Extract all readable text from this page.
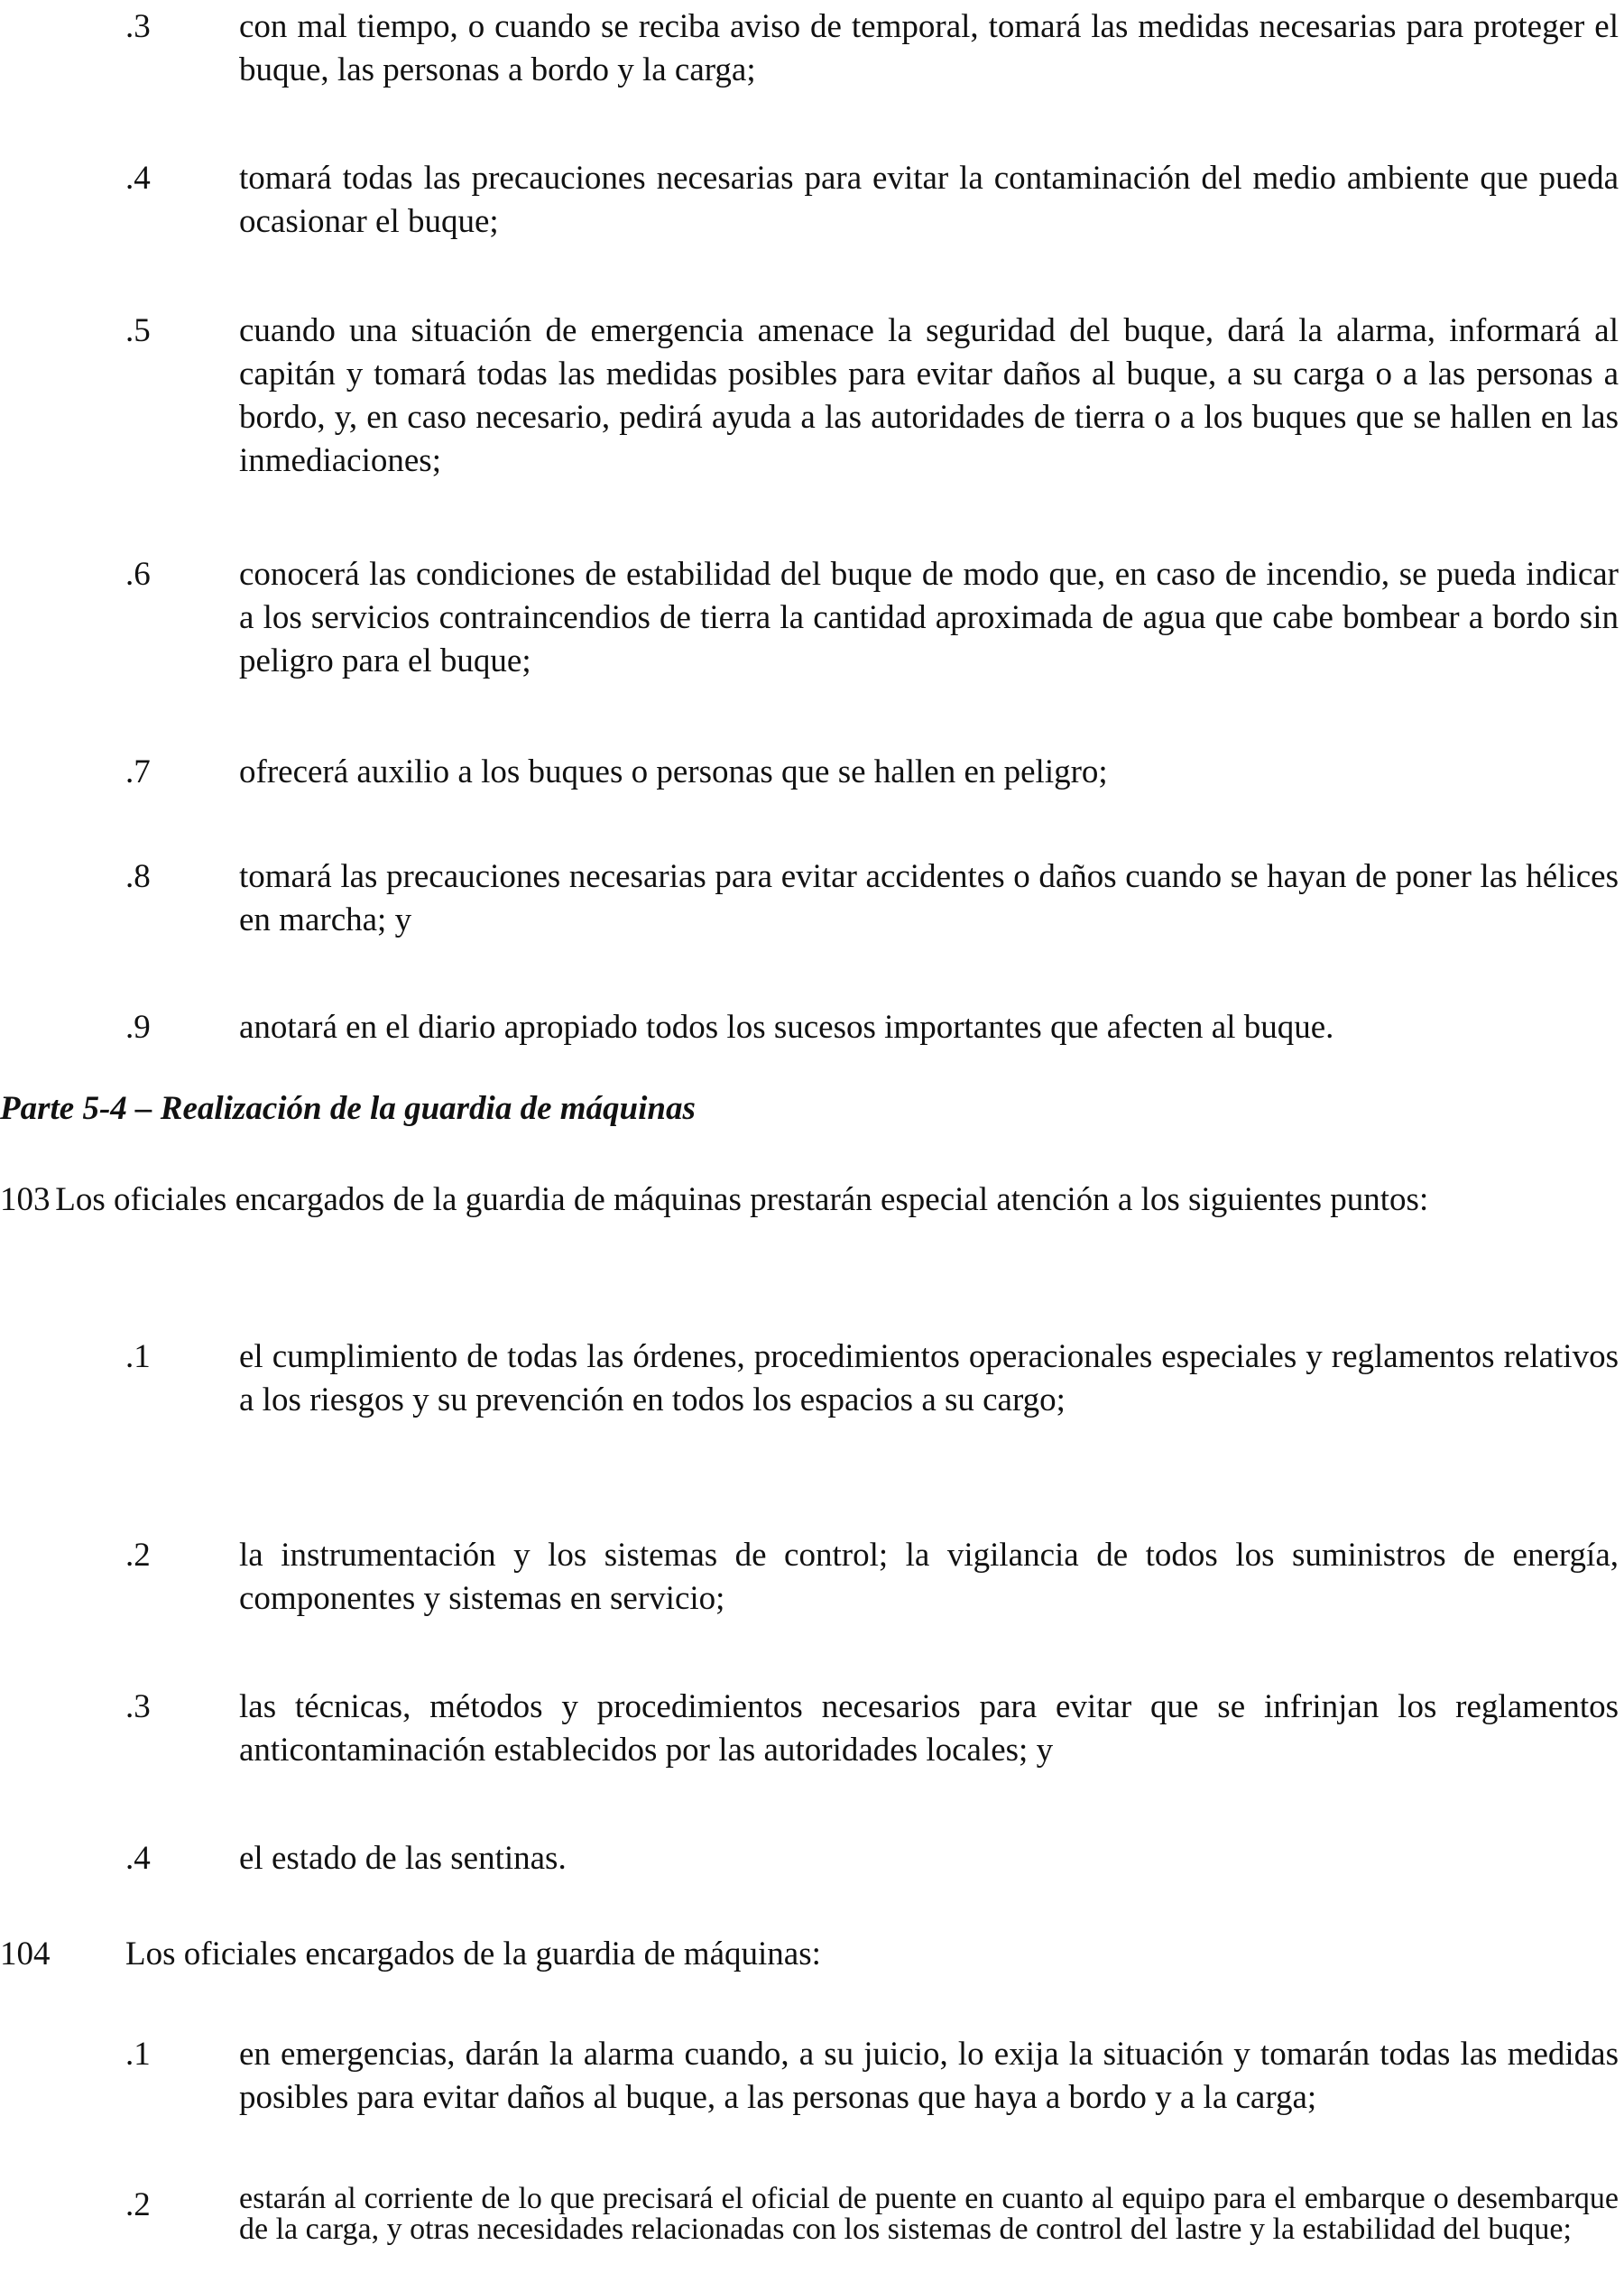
.3	con mal tiempo, o cuando se reciba aviso de temporal, tomará las medidas necesarias para proteger el buque, las personas a bordo y la carga;
.4	tomará todas las precauciones necesarias para evitar la contaminación del medio ambiente que pueda ocasionar el buque;
.5	cuando una situación de emergencia amenace la seguridad del buque, dará la alarma, informará al capitán y tomará todas las medidas posibles para evitar daños al buque, a su carga o a las personas a bordo, y, en caso necesario, pedirá ayuda a las autoridades de tierra o a los buques que se hallen en las inmediaciones;
.6	conocerá las condiciones de estabilidad del buque de modo que, en caso de incendio, se pueda indicar a los servicios contraincendios de tierra la cantidad aproximada de agua que cabe bombear a bordo sin peligro para el buque;
.7	ofrecerá auxilio a los buques o personas que se hallen en peligro;
.8	tomará las precauciones necesarias para evitar accidentes o daños cuando se hayan de poner las hélices en marcha; y
.9	anotará en el diario apropiado todos los sucesos importantes que afecten al buque.
Parte 5-4 – Realización de la guardia de máquinas
103 Los oficiales encargados de la guardia de máquinas prestarán especial atención a los siguientes puntos:
.1	el cumplimiento de todas las órdenes, procedimientos operacionales especiales y reglamentos relativos a los riesgos y su prevención en todos los espacios a su cargo;
.2	la instrumentación y los sistemas de control; la vigilancia de todos los suministros de energía, componentes y sistemas en servicio;
.3	las técnicas, métodos y procedimientos necesarios para evitar que se infrinjan los reglamentos anticontaminación establecidos por las autoridades locales; y
.4	el estado de las sentinas.
104 Los oficiales encargados de la guardia de máquinas:
.1	en emergencias, darán la alarma cuando, a su juicio, lo exija la situación y tomarán todas las medidas posibles para evitar daños al buque, a las personas que haya a bordo y a la carga;
.2	estarán al corriente de lo que precisará el oficial de puente en cuanto al equipo para el embarque o desembarque de la carga, y otras necesidades relacionadas con los sistemas de control del lastre y la estabilidad del buque;
